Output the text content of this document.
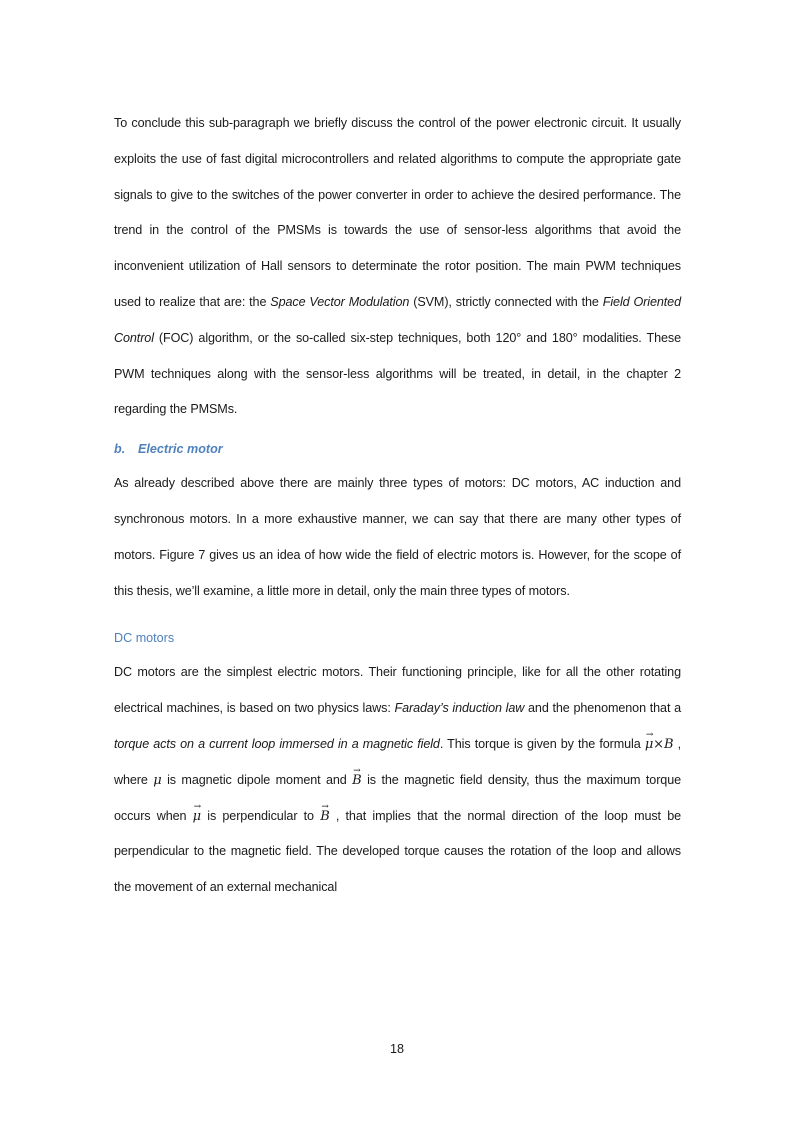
To conclude this sub-paragraph we briefly discuss the control of the power electronic circuit. It usually exploits the use of fast digital microcontrollers and related algorithms to compute the appropriate gate signals to give to the switches of the power converter in order to achieve the desired performance. The trend in the control of the PMSMs is towards the use of sensor-less algorithms that avoid the inconvenient utilization of Hall sensors to determinate the rotor position. The main PWM techniques used to realize that are: the Space Vector Modulation (SVM), strictly connected with the Field Oriented Control (FOC) algorithm, or the so-called six-step techniques, both 120° and 180° modalities. These PWM techniques along with the sensor-less algorithms will be treated, in detail, in the chapter 2 regarding the PMSMs.

b. Electric motor

As already described above there are mainly three types of motors: DC motors, AC induction and synchronous motors. In a more exhaustive manner, we can say that there are many other types of motors. Figure 7 gives us an idea of how wide the field of electric motors is. However, for the scope of this thesis, we’ll examine, a little more in detail, only the main three types of motors.

DC motors

DC motors are the simplest electric motors. Their functioning principle, like for all the other rotating electrical machines, is based on two physics laws: Faraday’s induction law and the phenomenon that a torque acts on a current loop immersed in a magnetic field. This torque is given by the formula → μ×B , where μ is magnetic dipole moment and → B is the magnetic field density, thus the maximum torque occurs when → μ is perpendicular to → B , that implies that the normal direction of the loop must be perpendicular to the magnetic field. The developed torque causes the rotation of the loop and allows the movement of an external mechanical

18
